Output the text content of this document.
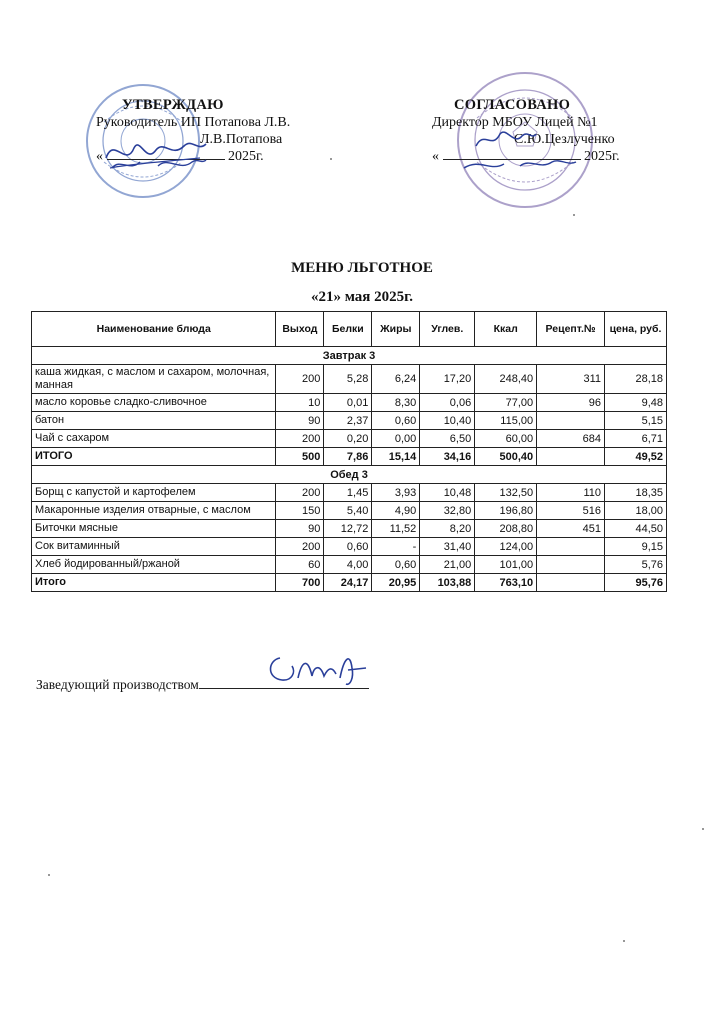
УТВЕРЖДАЮ
Руководитель ИП Потапова Л.В.
Л.В.Потапова
«	2025г.
СОГЛАСОВАНО
Директор МБОУ Лицей №1
С.Ю.Цезлученко
«	2025г.
МЕНЮ ЛЬГОТНОЕ
«21» мая 2025г.
Наименование блюда	Выход	Белки	Жиры	Углев.	Ккал	Рецепт.№	цена, руб.
Завтрак 3							
каша жидкая, с маслом и сахаром, молочная, манная	200	5,28	6,24	17,20	248,40	311	28,18
масло коровье сладко-сливочное	10	0,01	8,30	0,06	77,00	96	9,48
батон	90	2,37	0,60	10,40	115,00		5,15
Чай с сахаром	200	0,20	0,00	6,50	60,00	684	6,71
ИТОГО	500	7,86	15,14	34,16	500,40		49,52
Обед 3							
Борщ с капустой и картофелем	200	1,45	3,93	10,48	132,50	110	18,35
Макаронные изделия отварные, с маслом	150	5,40	4,90	32,80	196,80	516	18,00
Биточки мясные	90	12,72	11,52	8,20	208,80	451	44,50
Сок витаминный	200	0,60	-	31,40	124,00		9,15
Хлеб йодированный/ржаной	60	4,00	0,60	21,00	101,00		5,76
Итого	700	24,17	20,95	103,88	763,10		95,76
Заведующий производством
